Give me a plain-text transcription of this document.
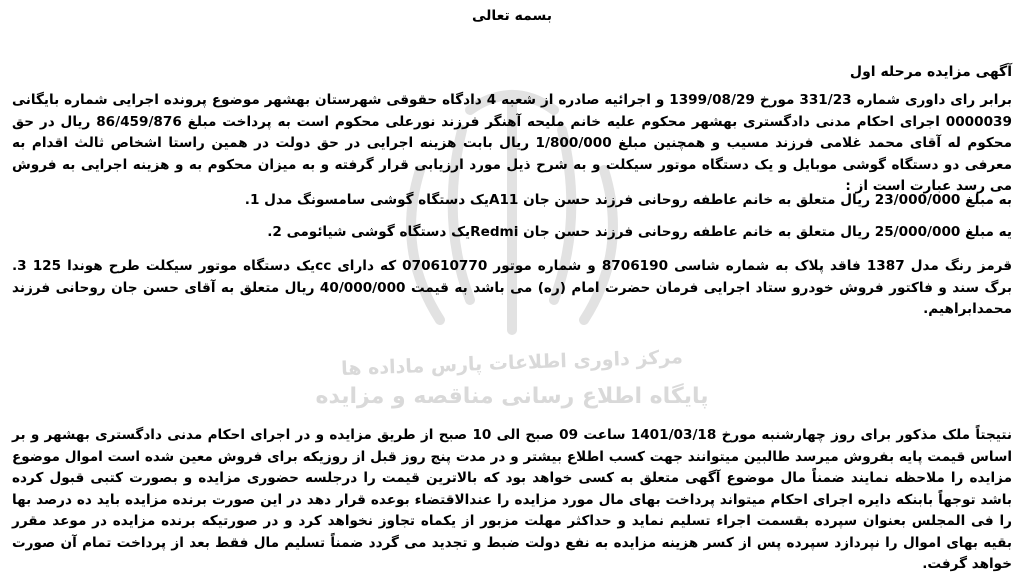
مرکز داوری اطلاعات پارس ماداده ها
پایگاه اطلاع رسانی مناقصه و مزایده
بسمه تعالی
آگهی مزایده مرحله اول

برابر رای داوری شماره 331/23 مورخ 1399/08/29 و اجرائیه صادره از شعبه 4 دادگاه حقوقی شهرستان بهشهر موضوع پرونده اجرایی شماره بایگانی 0000039 اجرای احکام مدنی دادگستری بهشهر محکوم علیه خانم ملیحه آهنگر فرزند نورعلی محکوم است به پرداخت مبلغ 86/459/876 ریال در حق محکوم له آقای محمد غلامی فرزند مسیب و همچنین مبلغ 1/800/000 ریال بابت هزینه اجرایی در حق دولت در همین راستا اشخاص ثالث اقدام به معرفی دو دستگاه گوشی موبایل و یک دستگاه موتور سیکلت و به شرح ذیل مورد ارزیابی قرار گرفته و به میزان محکوم به و هزینه اجرایی به فروش می رسد عبارت است از :

به مبلغ 23/000/000 ریال متعلق به خانم عاطفه روحانی فرزند حسن جان A11یک دستگاه گوشی سامسونگ مدل 1.

یه مبلغ 25/000/000 ریال متعلق به خانم عاطفه روحانی فرزند حسن جان Redmiیک دستگاه گوشی شیائومی 2.

قرمز رنگ مدل 1387 فاقد پلاک به شماره شاسی 8706190 و شماره موتور 070610770 که دارای ccیک دستگاه موتور سیکلت طرح هوندا 125 3. برگ سند و فاکتور فروش خودرو ستاد اجرایی فرمان حضرت امام (ره) می باشد به قیمت 40/000/000 ریال متعلق به آقای حسن جان روحانی فرزند محمدابراهیم.

نتیجتاً ملک مذکور برای روز چهارشنبه مورخ 1401/03/18 ساعت 09 صبح الی 10 صبح از طریق مزایده و در اجرای احکام مدنی دادگستری بهشهر و بر اساس قیمت پایه بفروش میرسد طالبین میتوانند جهت کسب اطلاع بیشتر و در مدت پنج روز قبل از روزیکه برای فروش معین شده است اموال موضوع مزایده را ملاحظه نمایند ضمناً مال موضوع آگهی متعلق به کسی خواهد بود که بالاترین قیمت را درجلسه حضوری مزایده و بصورت کتبی قبول کرده باشد توجهاً بابنکه دایره اجرای احکام میتواند پرداخت بهای مال مورد مزایده را عندالاقتضاء بوعده قرار دهد در این صورت برنده مزایده باید ده درصد بها را فی المجلس بعنوان سپرده بقسمت اجراء تسلیم نماید و حداکثر مهلت مزبور از یکماه تجاوز نخواهد کرد و در صورتیکه برنده مزایده در موعد مقرر بقیه بهای اموال را نپردازد سپرده پس از کسر هزینه مزایده به نفع دولت ضبط و تجدید می گردد ضمناً تسلیم مال فقط بعد از پرداخت تمام آن صورت خواهد گرفت.
